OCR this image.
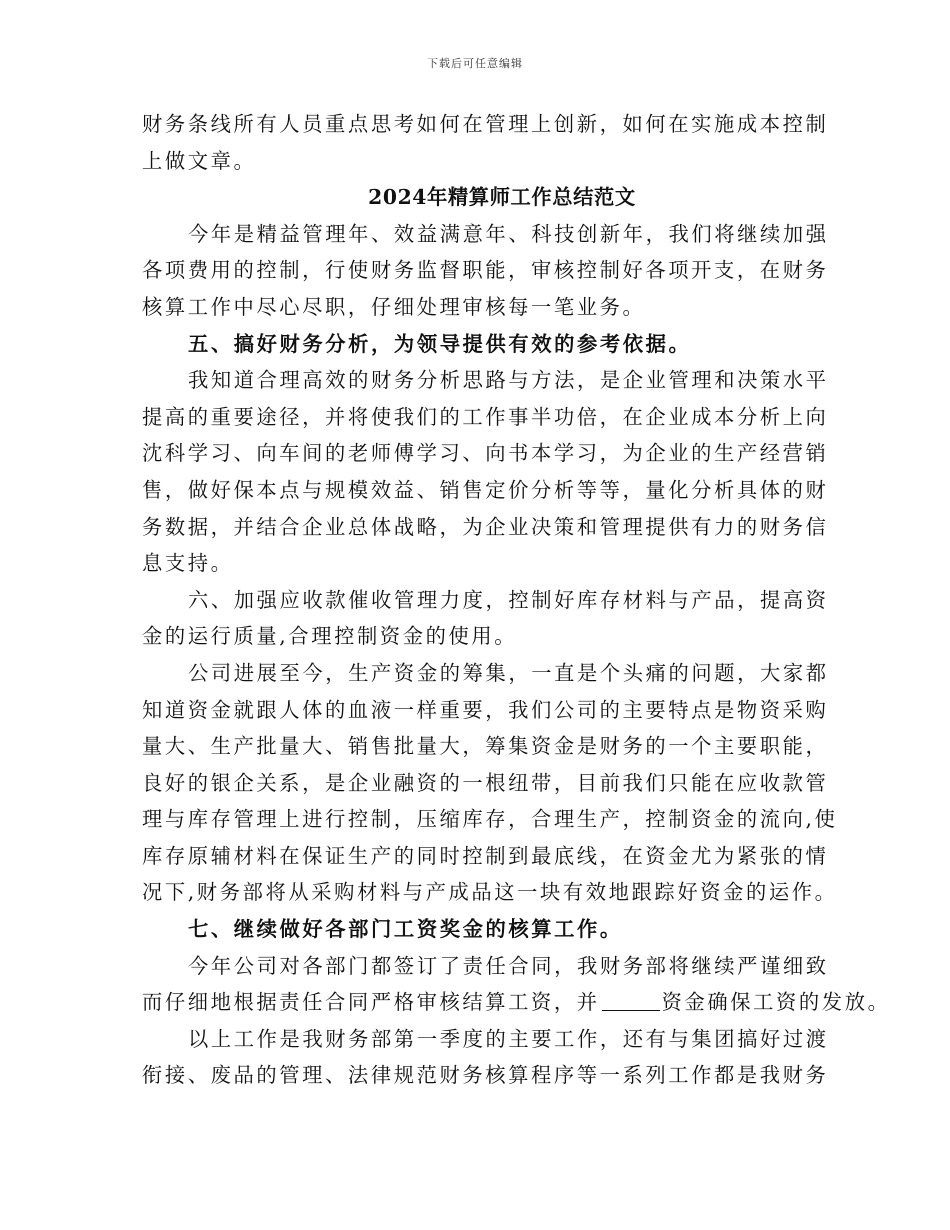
下载后可任意编辑

财务条线所有人员重点思考如何在管理上创新，如何在实施成本控制

上做文章。

2024年精算师工作总结范文

今年是精益管理年、效益满意年、科技创新年，我们将继续加强

各项费用的控制，行使财务监督职能，审核控制好各项开支，在财务

核算工作中尽心尽职，仔细处理审核每一笔业务。

五、搞好财务分析，为领导提供有效的参考依据。

我知道合理高效的财务分析思路与方法，是企业管理和决策水平

提高的重要途径，并将使我们的工作事半功倍，在企业成本分析上向

沈科学习、向车间的老师傅学习、向书本学习，为企业的生产经营销

售，做好保本点与规模效益、销售定价分析等等，量化分析具体的财

务数据，并结合企业总体战略，为企业决策和管理提供有力的财务信

息支持。

六、加强应收款催收管理力度，控制好库存材料与产品，提高资

金的运行质量,合理控制资金的使用。

公司进展至今，生产资金的筹集，一直是个头痛的问题，大家都

知道资金就跟人体的血液一样重要，我们公司的主要特点是物资采购

量大、生产批量大、销售批量大，筹集资金是财务的一个主要职能，

良好的银企关系，是企业融资的一根纽带，目前我们只能在应收款管

理与库存管理上进行控制，压缩库存，合理生产，控制资金的流向,使

库存原辅材料在保证生产的同时控制到最底线，在资金尤为紧张的情

况下,财务部将从采购材料与产成品这一块有效地跟踪好资金的运作。

七、继续做好各部门工资奖金的核算工作。

今年公司对各部门都签订了责任合同，我财务部将继续严谨细致

而仔细地根据责任合同严格审核结算工资，并	资金确保工资的发放。

以上工作是我财务部第一季度的主要工作，还有与集团搞好过渡

衔接、废品的管理、法律规范财务核算程序等一系列工作都是我财务
